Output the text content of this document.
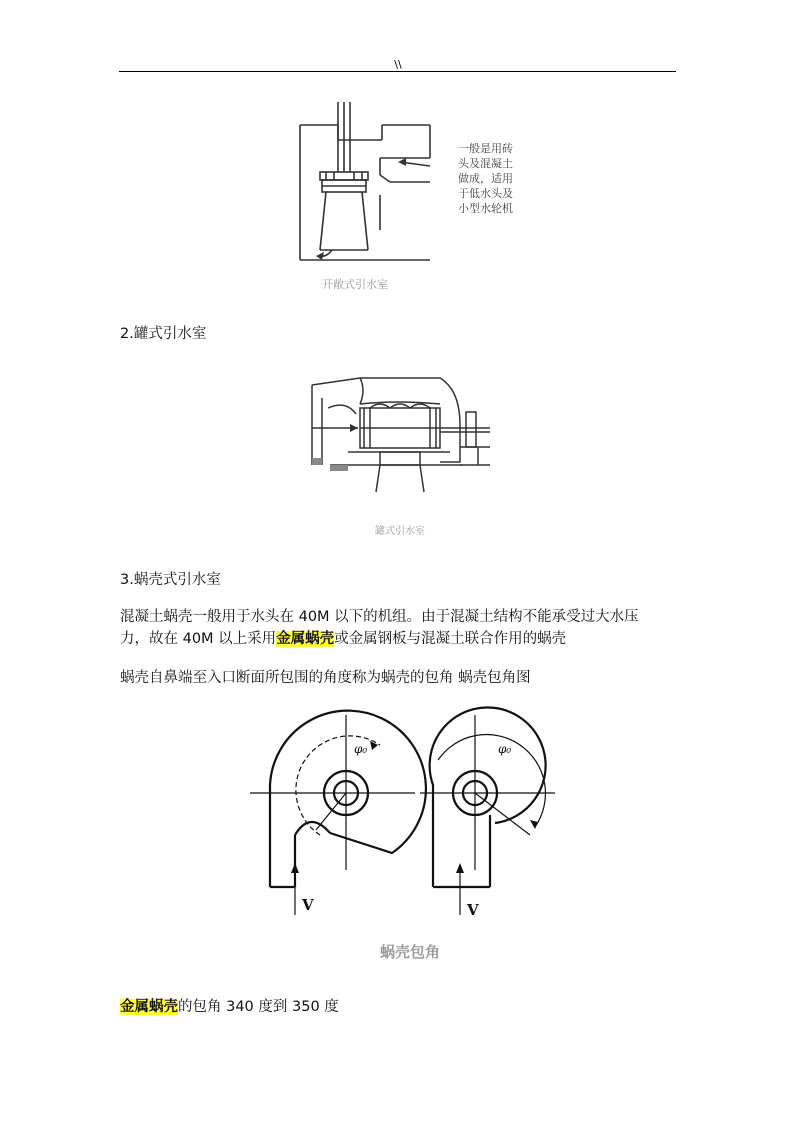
\\
一般是用砖
头及混凝土
做成，适用
于低水头及
小型水轮机
开敞式引水室
2.罐式引水室
罐式引水室
3.蜗壳式引水室
混凝土蜗壳一般用于水头在 40M 以下的机组。由于混凝土结构不能承受过大水压
力，故在 40M 以上采用金属蜗壳或金属钢板与混凝土联合作用的蜗壳
蜗壳自鼻端至入口断面所包围的角度称为蜗壳的包角 蜗壳包角图
V	V
φ₀	φ₀
蜗壳包角
金属蜗壳的包角 340 度到 350 度
